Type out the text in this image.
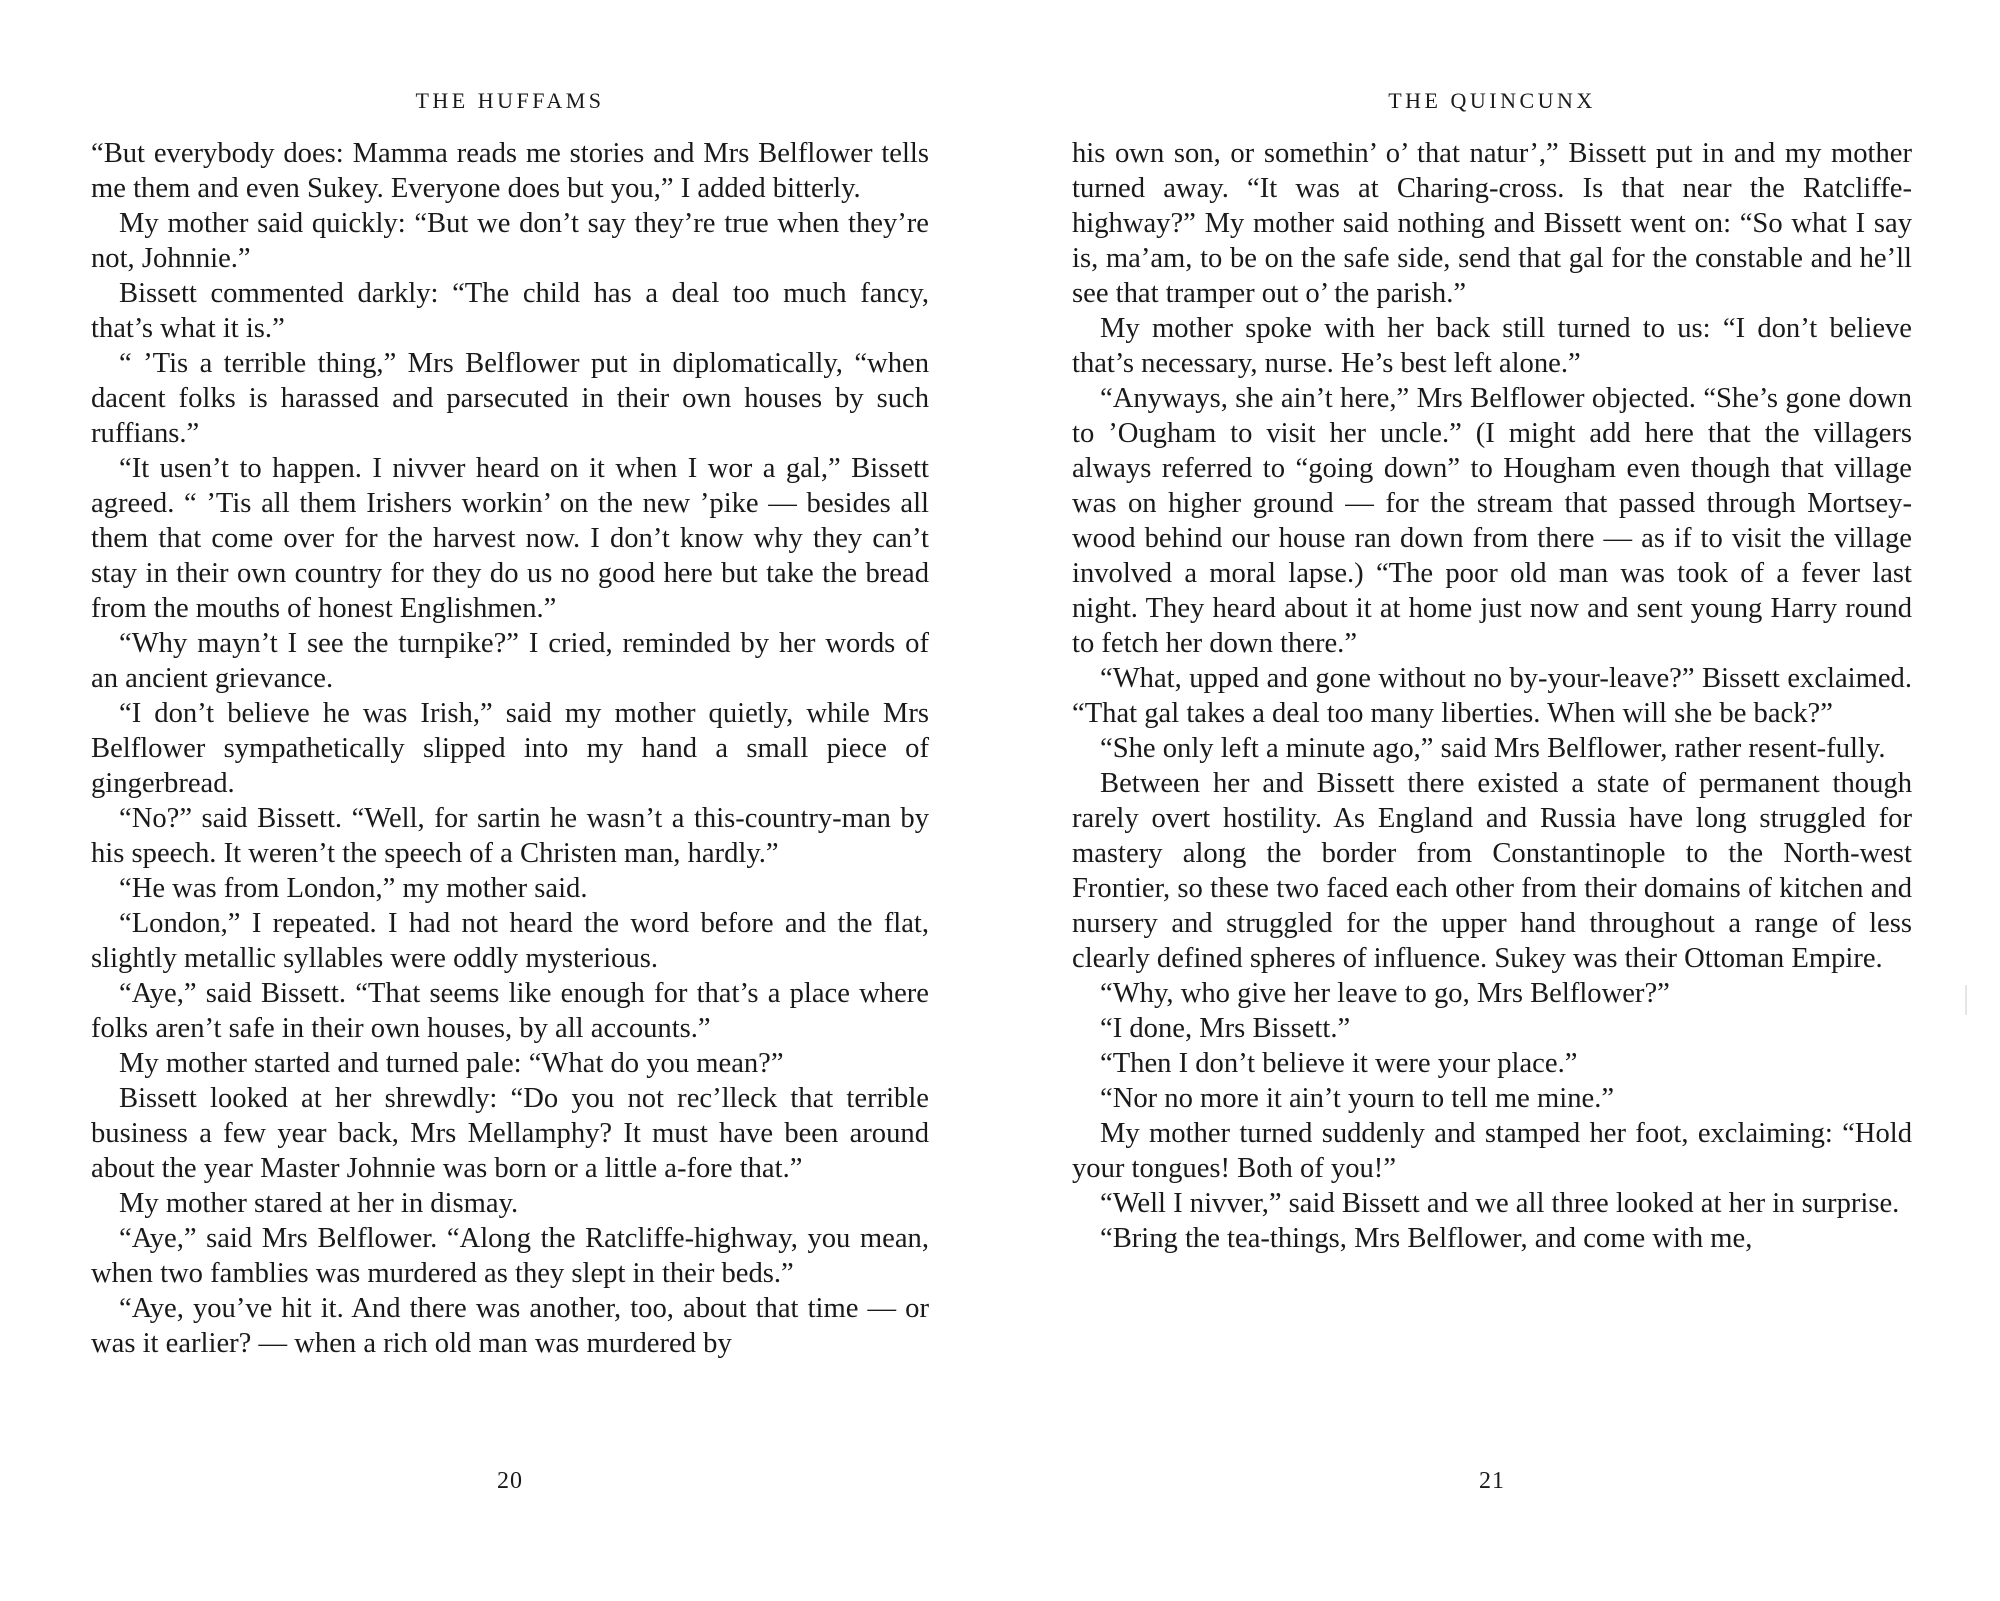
THE HUFFAMS

“But everybody does: Mamma reads me stories and Mrs Belflower tells me them and even Sukey. Everyone does but you,” I added bitterly.

My mother said quickly: “But we don’t say they’re true when they’re not, Johnnie.”

Bissett commented darkly: “The child has a deal too much fancy, that’s what it is.”

“ ’Tis a terrible thing,” Mrs Belflower put in diplomatically, “when dacent folks is harassed and parsecuted in their own houses by such ruffians.”

“It usen’t to happen. I nivver heard on it when I wor a gal,” Bissett agreed. “ ’Tis all them Irishers workin’ on the new ’pike — besides all them that come over for the harvest now. I don’t know why they can’t stay in their own country for they do us no good here but take the bread from the mouths of honest Englishmen.”

“Why mayn’t I see the turnpike?” I cried, reminded by her words of an ancient grievance.

“I don’t believe he was Irish,” said my mother quietly, while Mrs Belflower sympathetically slipped into my hand a small piece of gingerbread.

“No?” said Bissett. “Well, for sartin he wasn’t a this-country-man by his speech. It weren’t the speech of a Christen man, hardly.”

“He was from London,” my mother said.

“London,” I repeated. I had not heard the word before and the flat, slightly metallic syllables were oddly mysterious.

“Aye,” said Bissett. “That seems like enough for that’s a place where folks aren’t safe in their own houses, by all accounts.”

My mother started and turned pale: “What do you mean?”

Bissett looked at her shrewdly: “Do you not rec’lleck that terrible business a few year back, Mrs Mellamphy? It must have been around about the year Master Johnnie was born or a little a-fore that.”

My mother stared at her in dismay.

“Aye,” said Mrs Belflower. “Along the Ratcliffe-highway, you mean, when two famblies was murdered as they slept in their beds.”

“Aye, you’ve hit it. And there was another, too, about that time — or was it earlier? — when a rich old man was murdered by

20
THE QUINCUNX

his own son, or somethin’ o’ that natur’,” Bissett put in and my mother turned away. “It was at Charing-cross. Is that near the Ratcliffe-highway?” My mother said nothing and Bissett went on: “So what I say is, ma’am, to be on the safe side, send that gal for the constable and he’ll see that tramper out o’ the parish.”

My mother spoke with her back still turned to us: “I don’t believe that’s necessary, nurse. He’s best left alone.”

“Anyways, she ain’t here,” Mrs Belflower objected. “She’s gone down to ’Ougham to visit her uncle.” (I might add here that the villagers always referred to “going down” to Hougham even though that village was on higher ground — for the stream that passed through Mortsey-wood behind our house ran down from there — as if to visit the village involved a moral lapse.) “The poor old man was took of a fever last night. They heard about it at home just now and sent young Harry round to fetch her down there.”

“What, upped and gone without no by-your-leave?” Bissett exclaimed. “That gal takes a deal too many liberties. When will she be back?”

“She only left a minute ago,” said Mrs Belflower, rather resent-fully.

Between her and Bissett there existed a state of permanent though rarely overt hostility. As England and Russia have long struggled for mastery along the border from Constantinople to the North-west Frontier, so these two faced each other from their domains of kitchen and nursery and struggled for the upper hand throughout a range of less clearly defined spheres of influence. Sukey was their Ottoman Empire.

“Why, who give her leave to go, Mrs Belflower?”

“I done, Mrs Bissett.”

“Then I don’t believe it were your place.”

“Nor no more it ain’t yourn to tell me mine.”

My mother turned suddenly and stamped her foot, exclaiming: “Hold your tongues! Both of you!”

“Well I nivver,” said Bissett and we all three looked at her in surprise.

“Bring the tea-things, Mrs Belflower, and come with me,

21
